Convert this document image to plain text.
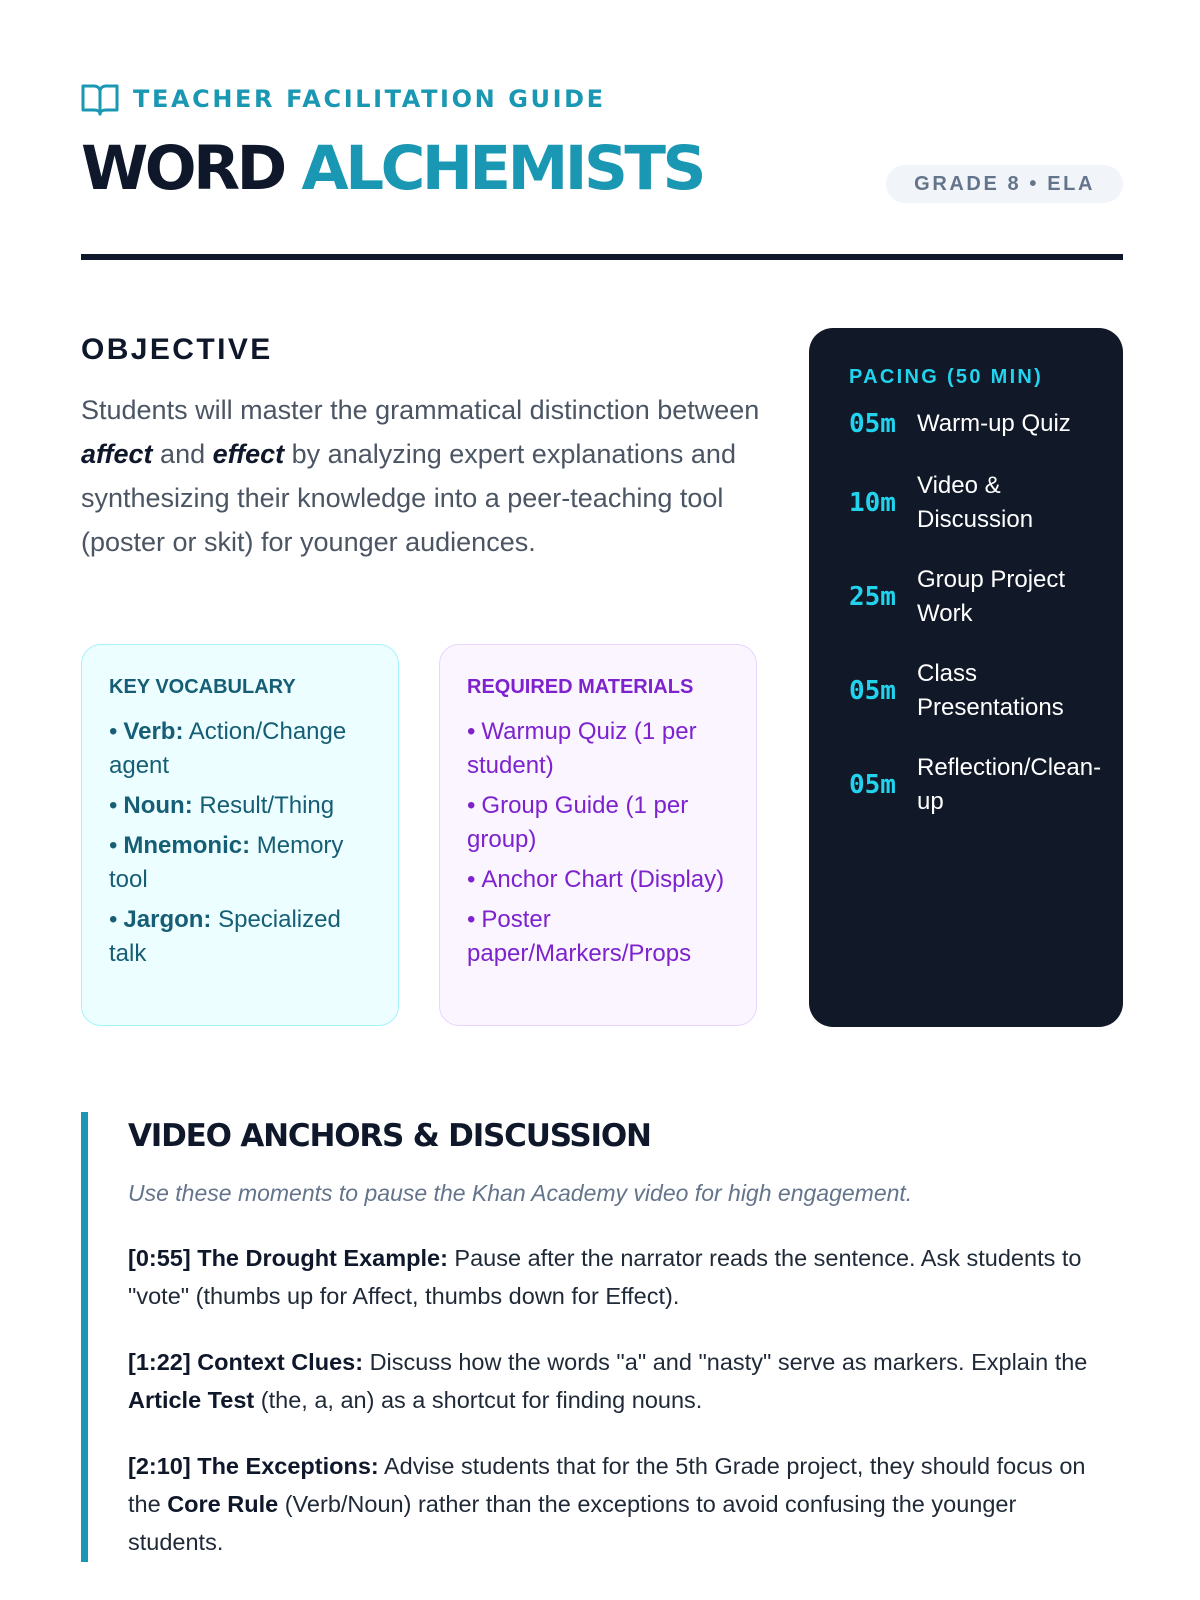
TEACHER FACILITATION GUIDE
WORD ALCHEMISTS	GRADE 8 • ELA
OBJECTIVE

Students will master the grammatical distinction between affect and effect by analyzing expert explanations and synthesizing their knowledge into a peer-teaching tool (poster or skit) for younger audiences.

KEY VOCABULARY
• Verb: Action/Change agent
• Noun: Result/Thing
• Mnemonic: Memory tool
• Jargon: Specialized talk
REQUIRED MATERIALS
• Warmup Quiz (1 per student)
• Group Guide (1 per group)
• Anchor Chart (Display)
• Poster paper/Markers/Props
PACING (50 MIN)
05m Warm-up Quiz
10m
Video & Discussion
25m
Group Project Work
05m
Class Presentations
05m
Reflection/Clean-up
VIDEO ANCHORS & DISCUSSION
Use these moments to pause the Khan Academy video for high engagement.

[0:55] The Drought Example: Pause after the narrator reads the sentence. Ask students to "vote" (thumbs up for Affect, thumbs down for Effect).

[1:22] Context Clues: Discuss how the words "a" and "nasty" serve as markers. Explain the Article Test (the, a, an) as a shortcut for finding nouns.

[2:10] The Exceptions: Advise students that for the 5th Grade project, they should focus on the Core Rule (Verb/Noun) rather than the exceptions to avoid confusing the younger students.
